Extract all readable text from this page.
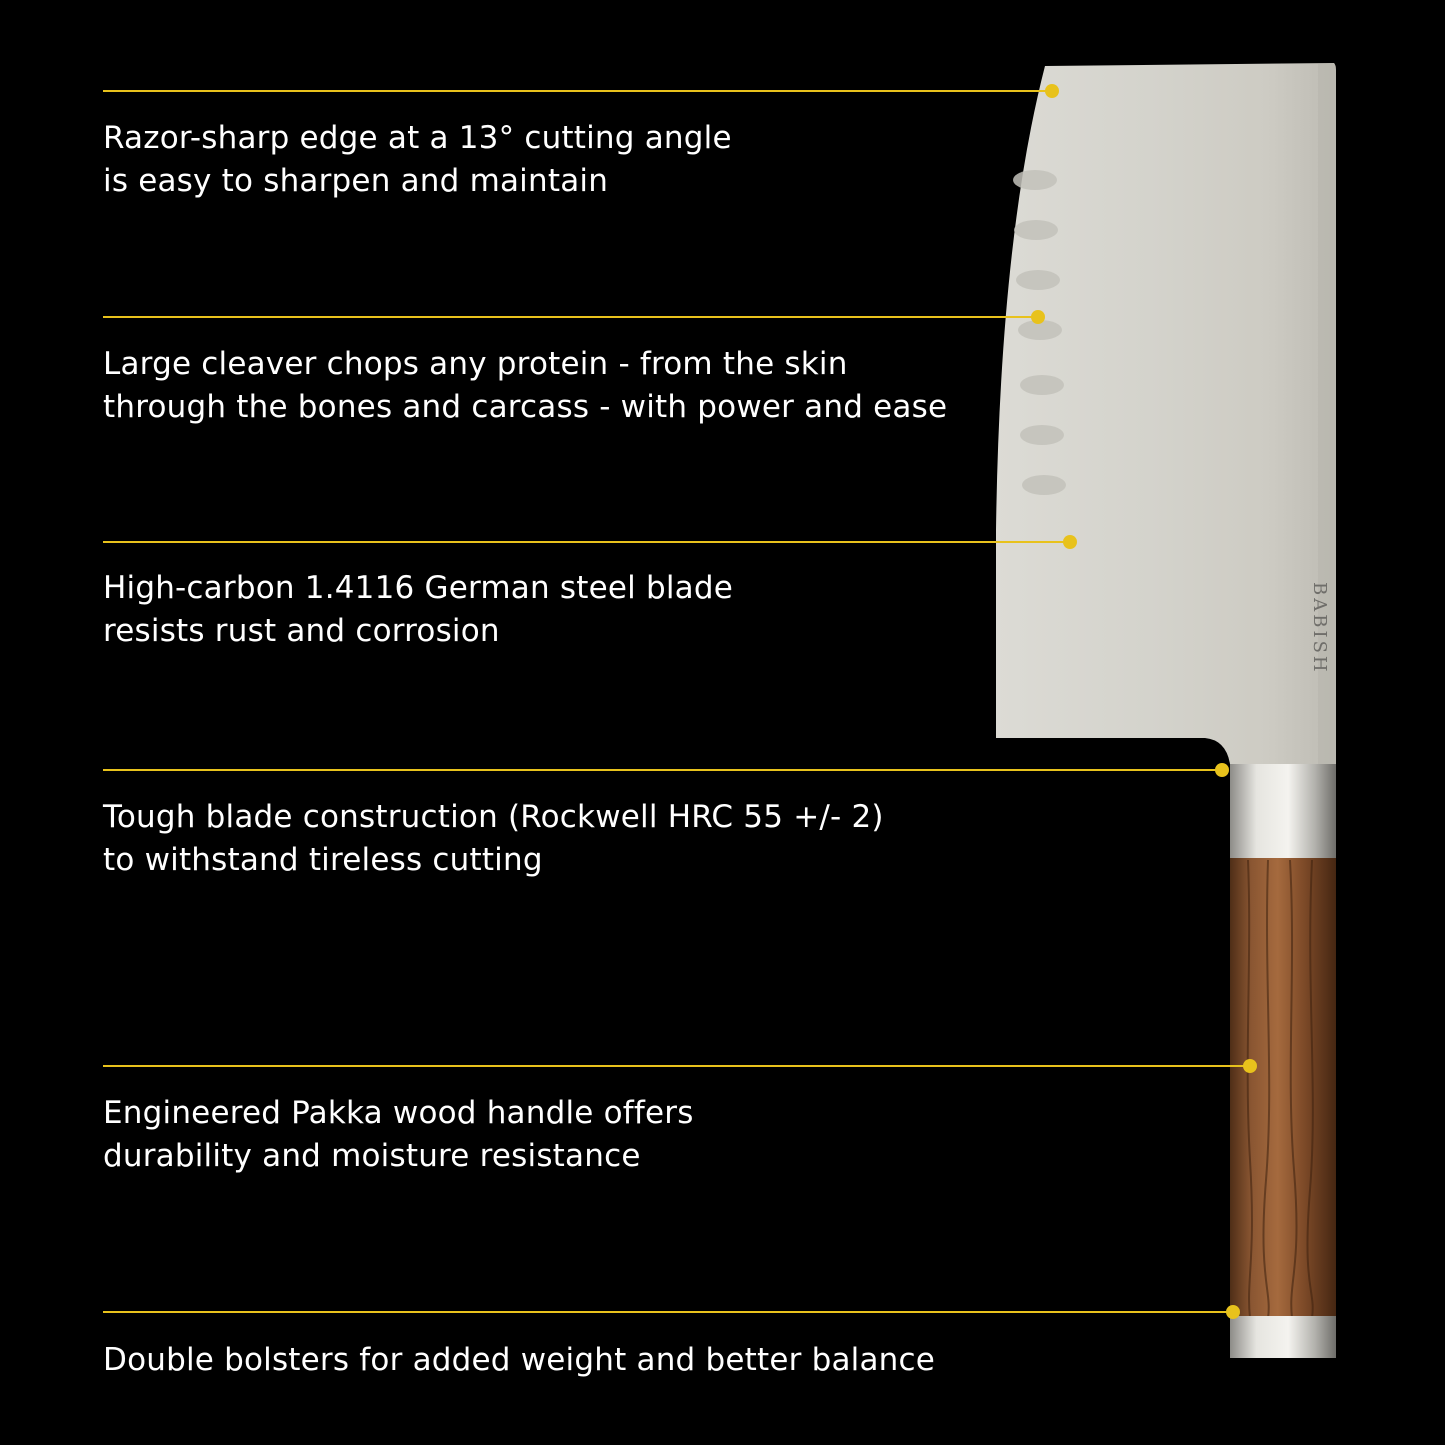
BABISH
Razor-sharp edge at a 13° cutting angle
is easy to sharpen and maintain
Large cleaver chops any protein - from the skin
through the bones and carcass - with power and ease
High-carbon 1.4116 German steel blade
resists rust and corrosion
Tough blade construction (Rockwell HRC 55 +/- 2)
to withstand tireless cutting
Engineered Pakka wood handle offers
durability and moisture resistance
Double bolsters for added weight and better balance
